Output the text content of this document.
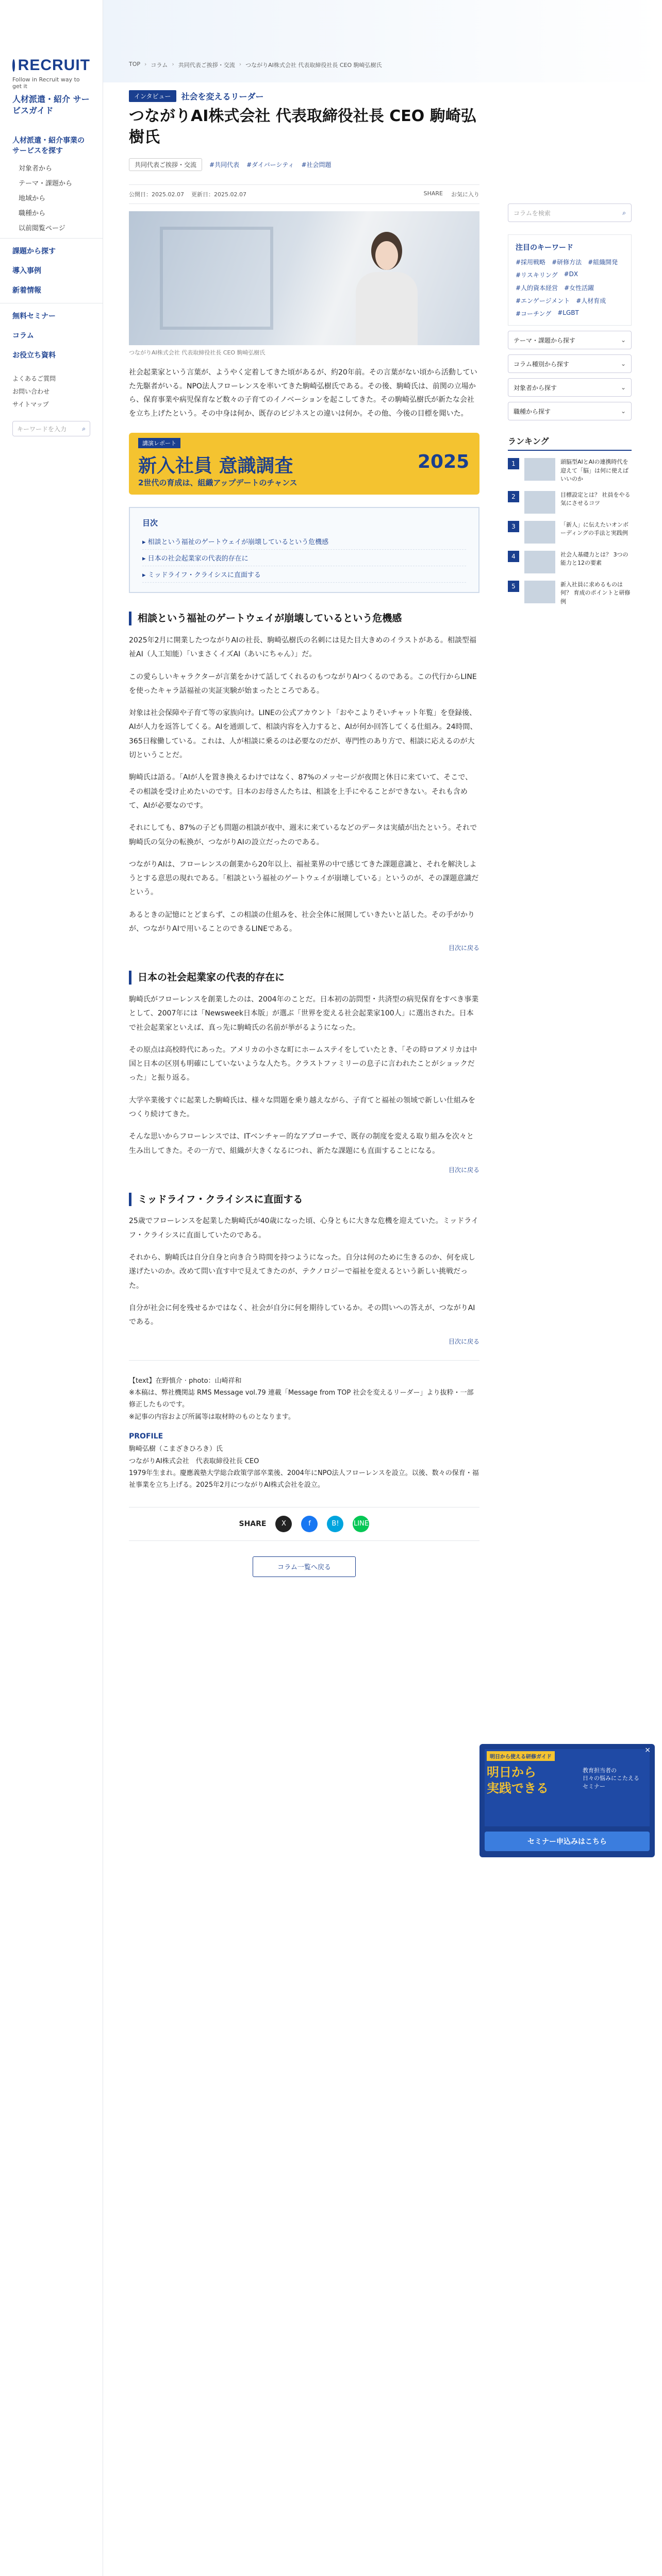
RECRUIT
Follow in Recruit way to get it
人材派遣・紹介 サービスガイド
人材派遣・紹介事業のサービスを探す
対象者から
テーマ・課題から
地域から
職種から
以前閲覧ページ
課題から探す
導入事例
新着情報
無料セミナー
コラム
お役立ち資料
よくあるご質問
お問い合わせ
サイトマップ
キーワードを入力	⌕
TOP › コラム › 共同代表ご挨拶・交流 › つながりAI株式会社 代表取締役社長 CEO 駒崎弘樹氏
インタビュー	社会を変えるリーダー
つながりAI株式会社 代表取締役社長 CEO 駒崎弘樹氏
共同代表ご挨拶・交流	#共同代表 #ダイバーシティ #社会問題
公開日：2025.02.07 更新日：2025.02.07	SHARE お気に入り
つながりAI株式会社 代表取締役社長 CEO 駒崎弘樹氏

社会起業家という言葉が、ようやく定着してきた頃があるが、約20年前。その言葉がない頃から活動していた先駆者がいる。NPO法人フローレンスを率いてきた駒崎弘樹氏である。その後、駒崎氏は、前関の立場から、保育事業や病児保育など数々の子育てのイノベーションを起こしてきた。その駒崎弘樹氏が新たな会社を立ち上げたという。その中身は何か、既存のビジネスとの違いは何か。その他、今後の目標を聞いた。

講演レポート
新入社員 意識調査	2025
2世代の育成は、組織アップデートのチャンス
目次
▸ 相談という福祉のゲートウェイが崩壊しているという危機感
▸ 日本の社会起業家の代表的存在に
▸ ミッドライフ・クライシスに直面する
相談という福祉のゲートウェイが崩壊しているという危機感

2025年2月に開業したつながりAIの社長、駒崎弘樹氏の名刺には見た目大きめのイラストがある。相談型福祉AI（人工知能）「いまさくイズAI（あいにちゃん）」だ。

この愛らしいキャラクターが言葉をかけて話してくれるのもつながりAIつくるのである。この代行からLINEを使ったキャラ話福祉の実証実験が始まったところである。

対象は社会保障や子育て等の家族向け。LINEの公式アカウント「おやこよりそいチャット年覧」を登録後、AIが人力を返答してくる。AIを通頭して、相談内容を入力すると、AIが何か回答してくる仕組み。24時間、365日稼働している。これは、人が相談に乗るのは必要なのだが、専門性のあり方で、相談に応えるのが大切ということだ。

駒崎氏は語る。「AIが人を置き換えるわけではなく、87%のメッセージが夜間と休日に来ていて、そこで、その相談を受け止めたいのです。日本のお母さんたちは、相談を上手にやることができない。それも含めて、AIが必要なのです。

それにしても、87%の子ども問題の相談が夜中、週末に来ているなどのデータは実績が出たという。それで駒崎氏の気分の転換が、つながりAIの設立だったのである。

つながりAIは、フローレンスの創業から20年以上、福祉業界の中で感じてきた課題意識と、それを解決しようとする意思の現れである。「相談という福祉のゲートウェイが崩壊している」というのが、その課題意識だという。

あるときの記憶にとどまらず、この相談の仕組みを、社会全体に展開していきたいと話した。その手がかりが、つながりAIで用いることのできるLINEである。

目次に戻る
日本の社会起業家の代表的存在に

駒崎氏がフローレンスを創業したのは、2004年のことだ。日本初の訪問型・共済型の病児保育をすべき事業として、2007年には「Newsweek日本版」が選ぶ「世界を変える社会起業家100人」に選出された。日本で社会起業家といえば、真っ先に駒崎氏の名前が挙がるようになった。

その原点は高校時代にあった。アメリカの小さな町にホームステイをしていたとき、「その時ロアメリカは中国と日本の区別も明確にしていないような人たち。クラストファミリーの息子に言われたことがショックだった」と振り返る。

大学卒業後すぐに起業した駒崎氏は、様々な問題を乗り越えながら、子育てと福祉の領域で新しい仕組みをつくり続けてきた。

そんな思いからフローレンスでは、ITベンチャー的なアプローチで、既存の制度を変える取り組みを次々と生み出してきた。その一方で、組織が大きくなるにつれ、新たな課題にも直面することになる。

目次に戻る
ミッドライフ・クライシスに直面する

25歳でフローレンスを起業した駒崎氏が40歳になった頃、心身ともに大きな危機を迎えていた。ミッドライフ・クライシスに直面していたのである。

それから、駒崎氏は自分自身と向き合う時間を持つようになった。自分は何のために生きるのか、何を成し遂げたいのか。改めて問い直す中で見えてきたのが、テクノロジーで福祉を変えるという新しい挑戦だった。

自分が社会に何を残せるかではなく、社会が自分に何を期待しているか。その問いへの答えが、つながりAIである。

目次に戻る
【text】在野慎介 · photo：山崎祥和
※本稿は、弊社機関誌 RMS Message vol.79 連載「Message from TOP 社会を変えるリーダー」より抜粋・一部修正したものです。
※記事の内容および所属等は取材時のものとなります。
PROFILE
駒崎弘樹（こまざきひろき）氏
つながりAI株式会社　代表取締役社長 CEO
1979年生まれ。慶應義塾大学総合政策学部卒業後、2004年にNPO法人フローレンスを設立。以後、数々の保育・福祉事業を立ち上げる。2025年2月につながりAI株式会社を設立。
SHARE	X	f	B!	LINE
コラム一覧へ戻る
コラムを検索	⌕
注目のキーワード
#採用戦略 #研修方法 #組織開発
#リスキリング #DX
#人的資本経営 #女性活躍
#エンゲージメント #人材育成
#コーチング #LGBT
テーマ・課題から探す	⌄
コラム種別から探す	⌄
対象者から探す	⌄
職種から探す	⌄
ランキング
1	頭脳型AIとAIの連携時代を迎えて「脳」は何に使えばいいのか
2	目標設定とは？ 社員をやる気にさせるコツ
3	「新人」に伝えたいオンボーディングの手法と実践例
4	社会人基礎力とは？ 3つの能力と12の要素
5	新入社員に求めるものは何？ 育成のポイントと研修例
明日から使える研修ガイド
×
明日から
実践できる
教育担当者の
日々の悩みにこたえる
セミナー
セミナー申込みはこちら
